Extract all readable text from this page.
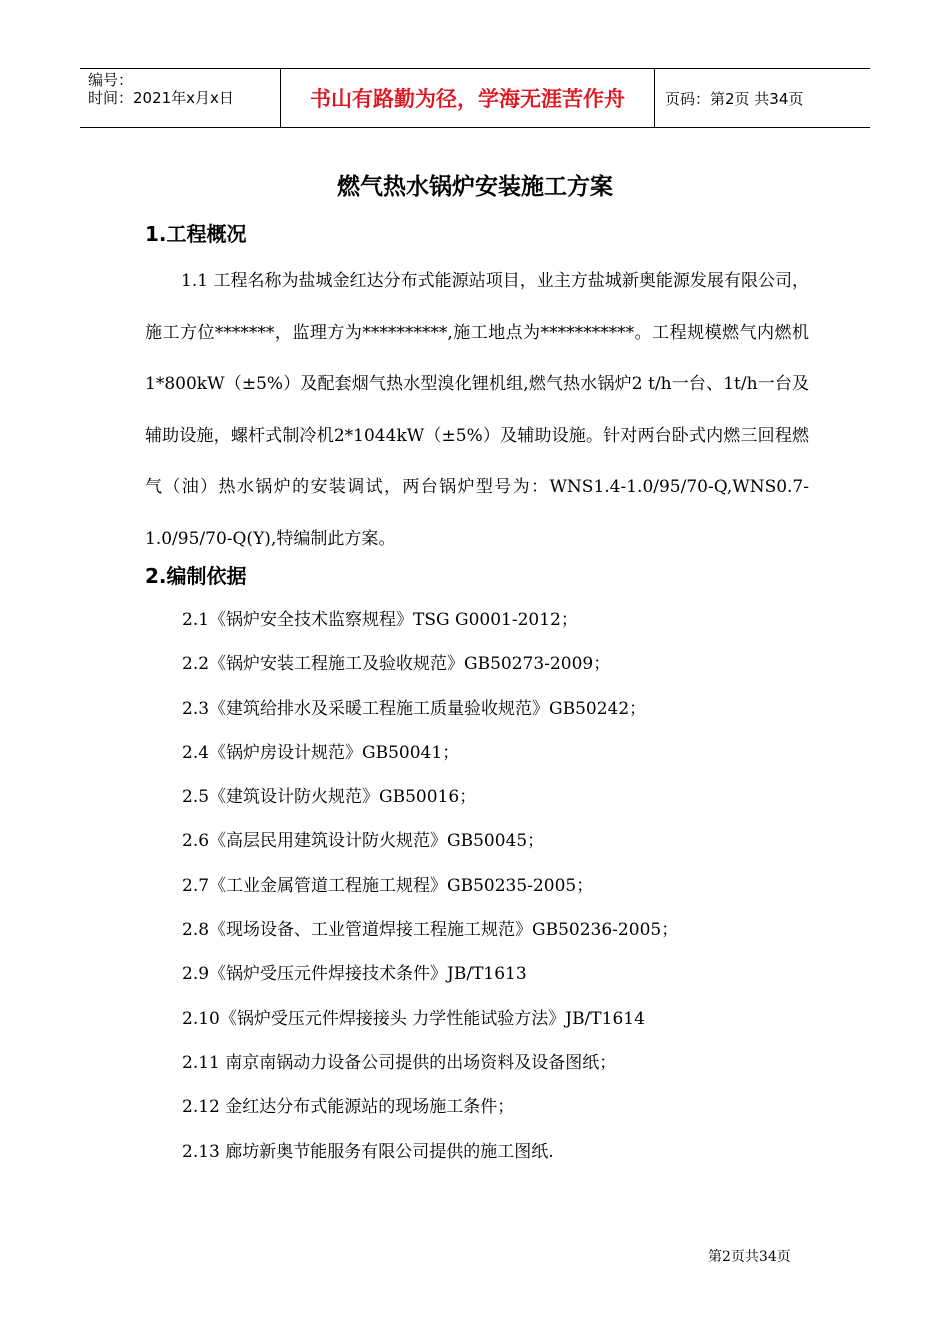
编号：
时间：2021年x月x日	书山有路勤为径，学海无涯苦作舟	页码：第2页 共34页
燃气热水锅炉安装施工方案
1.工程概况

1.1 工程名称为盐城金红达分布式能源站项目，业主方盐城新奥能源发展有限公司，施工方位*******，监理方为**********,施工地点为***********。工程规模燃气内燃机1*800kW（±5%）及配套烟气热水型溴化锂机组,燃气热水锅炉2 t/h一台、1t/h一台及辅助设施，螺杆式制冷机2*1044kW（±5%）及辅助设施。针对两台卧式内燃三回程燃气（油）热水锅炉的安装调试，两台锅炉型号为：WNS1.4-1.0/95/70-Q,WNS0.7-1.0/95/70-Q(Y),特编制此方案。

2.编制依据
2.1《锅炉安全技术监察规程》TSG G0001-2012；
2.2《锅炉安装工程施工及验收规范》GB50273-2009；
2.3《建筑给排水及采暖工程施工质量验收规范》GB50242；
2.4《锅炉房设计规范》GB50041；
2.5《建筑设计防火规范》GB50016；
2.6《高层民用建筑设计防火规范》GB50045；
2.7《工业金属管道工程施工规程》GB50235-2005；
2.8《现场设备、工业管道焊接工程施工规范》GB50236-2005；
2.9《锅炉受压元件焊接技术条件》JB/T1613
2.10《锅炉受压元件焊接接头 力学性能试验方法》JB/T1614
2.11 南京南锅动力设备公司提供的出场资料及设备图纸；
2.12 金红达分布式能源站的现场施工条件；
2.13 廊坊新奥节能服务有限公司提供的施工图纸.
第2页共34页
